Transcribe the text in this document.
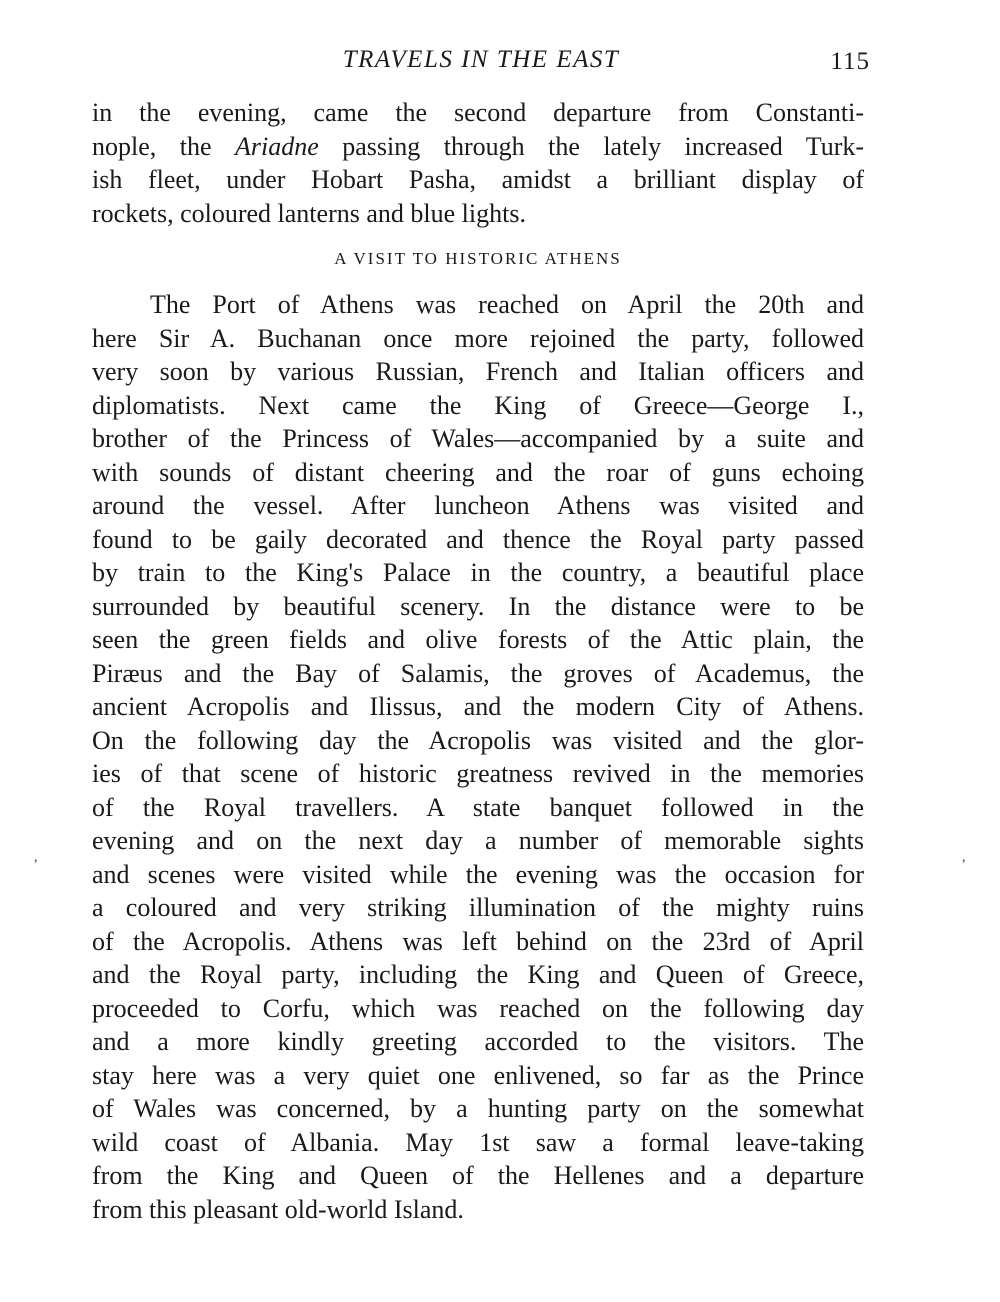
TRAVELS IN THE EAST	115
in the evening, came the second departure from Constanti-
nople, the Ariadne passing through the lately increased Turk-
ish fleet, under Hobart Pasha, amidst a brilliant display of
rockets, coloured lanterns and blue lights.
A VISIT TO HISTORIC ATHENS
The Port of Athens was reached on April the 20th and
here Sir A. Buchanan once more rejoined the party, followed
very soon by various Russian, French and Italian officers and
diplomatists. Next came the King of Greece—George I.,
brother of the Princess of Wales—accompanied by a suite and
with sounds of distant cheering and the roar of guns echoing
around the vessel. After luncheon Athens was visited and
found to be gaily decorated and thence the Royal party passed
by train to the King's Palace in the country, a beautiful place
surrounded by beautiful scenery. In the distance were to be
seen the green fields and olive forests of the Attic plain, the
Piræus and the Bay of Salamis, the groves of Academus, the
ancient Acropolis and Ilissus, and the modern City of Athens.
On the following day the Acropolis was visited and the glor-
ies of that scene of historic greatness revived in the memories
of the Royal travellers. A state banquet followed in the
evening and on the next day a number of memorable sights
and scenes were visited while the evening was the occasion for
a coloured and very striking illumination of the mighty ruins
of the Acropolis. Athens was left behind on the 23rd of April
and the Royal party, including the King and Queen of Greece,
proceeded to Corfu, which was reached on the following day
and a more kindly greeting accorded to the visitors. The
stay here was a very quiet one enlivened, so far as the Prince
of Wales was concerned, by a hunting party on the somewhat
wild coast of Albania. May 1st saw a formal leave-taking
from the King and Queen of the Hellenes and a departure
from this pleasant old-world Island.
,	,
